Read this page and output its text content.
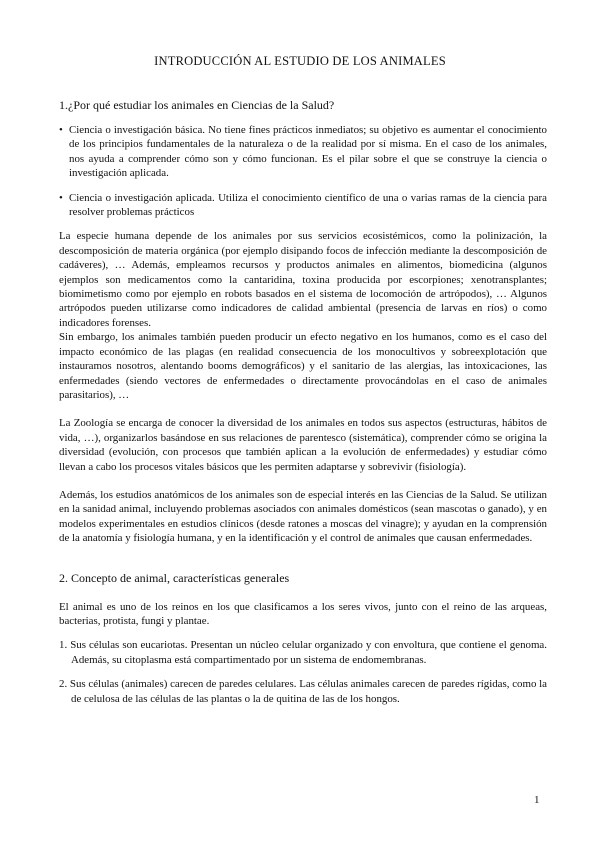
INTRODUCCIÓN AL ESTUDIO DE LOS ANIMALES
1.¿Por qué estudiar los animales en Ciencias de la Salud?

• Ciencia o investigación básica. No tiene fines prácticos inmediatos; su objetivo es aumentar el conocimiento de los principios fundamentales de la naturaleza o de la realidad por sí misma. En el caso de los animales, nos ayuda a comprender cómo son y cómo funcionan. Es el pilar sobre el que se construye la ciencia o investigación aplicada.

• Ciencia o investigación aplicada. Utiliza el conocimiento científico de una o varias ramas de la ciencia para resolver problemas prácticos

La especie humana depende de los animales por sus servicios ecosistémicos, como la polinización, la descomposición de materia orgánica (por ejemplo disipando focos de infección mediante la descomposición de cadáveres), … Además, empleamos recursos y productos animales en alimentos, biomedicina (algunos ejemplos son medicamentos como la cantaridina, toxina producida por escorpiones; xenotransplantes; biomimetismo como por ejemplo en robots basados en el sistema de locomoción de artrópodos), … Algunos artrópodos pueden utilizarse como indicadores de calidad ambiental (presencia de larvas en ríos) o como indicadores forenses.

Sin embargo, los animales también pueden producir un efecto negativo en los humanos, como es el caso del impacto económico de las plagas (en realidad consecuencia de los monocultivos y sobreexplotación que instauramos nosotros, alentando booms demográficos) y el sanitario de las alergias, las intoxicaciones, las enfermedades (siendo vectores de enfermedades o directamente provocándolas en el caso de animales parasitarios), …

La Zoología se encarga de conocer la diversidad de los animales en todos sus aspectos (estructuras, hábitos de vida, …), organizarlos basándose en sus relaciones de parentesco (sistemática), comprender cómo se origina la diversidad (evolución, con procesos que también aplican a la evolución de enfermedades) y estudiar cómo llevan a cabo los procesos vitales básicos que les permiten adaptarse y sobrevivir (fisiología).

Además, los estudios anatómicos de los animales son de especial interés en las Ciencias de la Salud. Se utilizan en la sanidad animal, incluyendo problemas asociados con animales domésticos (sean mascotas o ganado), y en modelos experimentales en estudios clínicos (desde ratones a moscas del vinagre); y ayudan en la comprensión de la anatomía y fisiología humana, y en la identificación y el control de animales que causan enfermedades.

2. Concepto de animal, características generales

El animal es uno de los reinos en los que clasificamos a los seres vivos, junto con el reino de las arqueas, bacterias, protista, fungi y plantae.

1. Sus células son eucariotas. Presentan un núcleo celular organizado y con envoltura, que contiene el genoma. Además, su citoplasma está compartimentado por un sistema de endomembranas.

2. Sus células (animales) carecen de paredes celulares. Las células animales carecen de paredes rígidas, como la de celulosa de las células de las plantas o la de quitina de las de los hongos.

1
